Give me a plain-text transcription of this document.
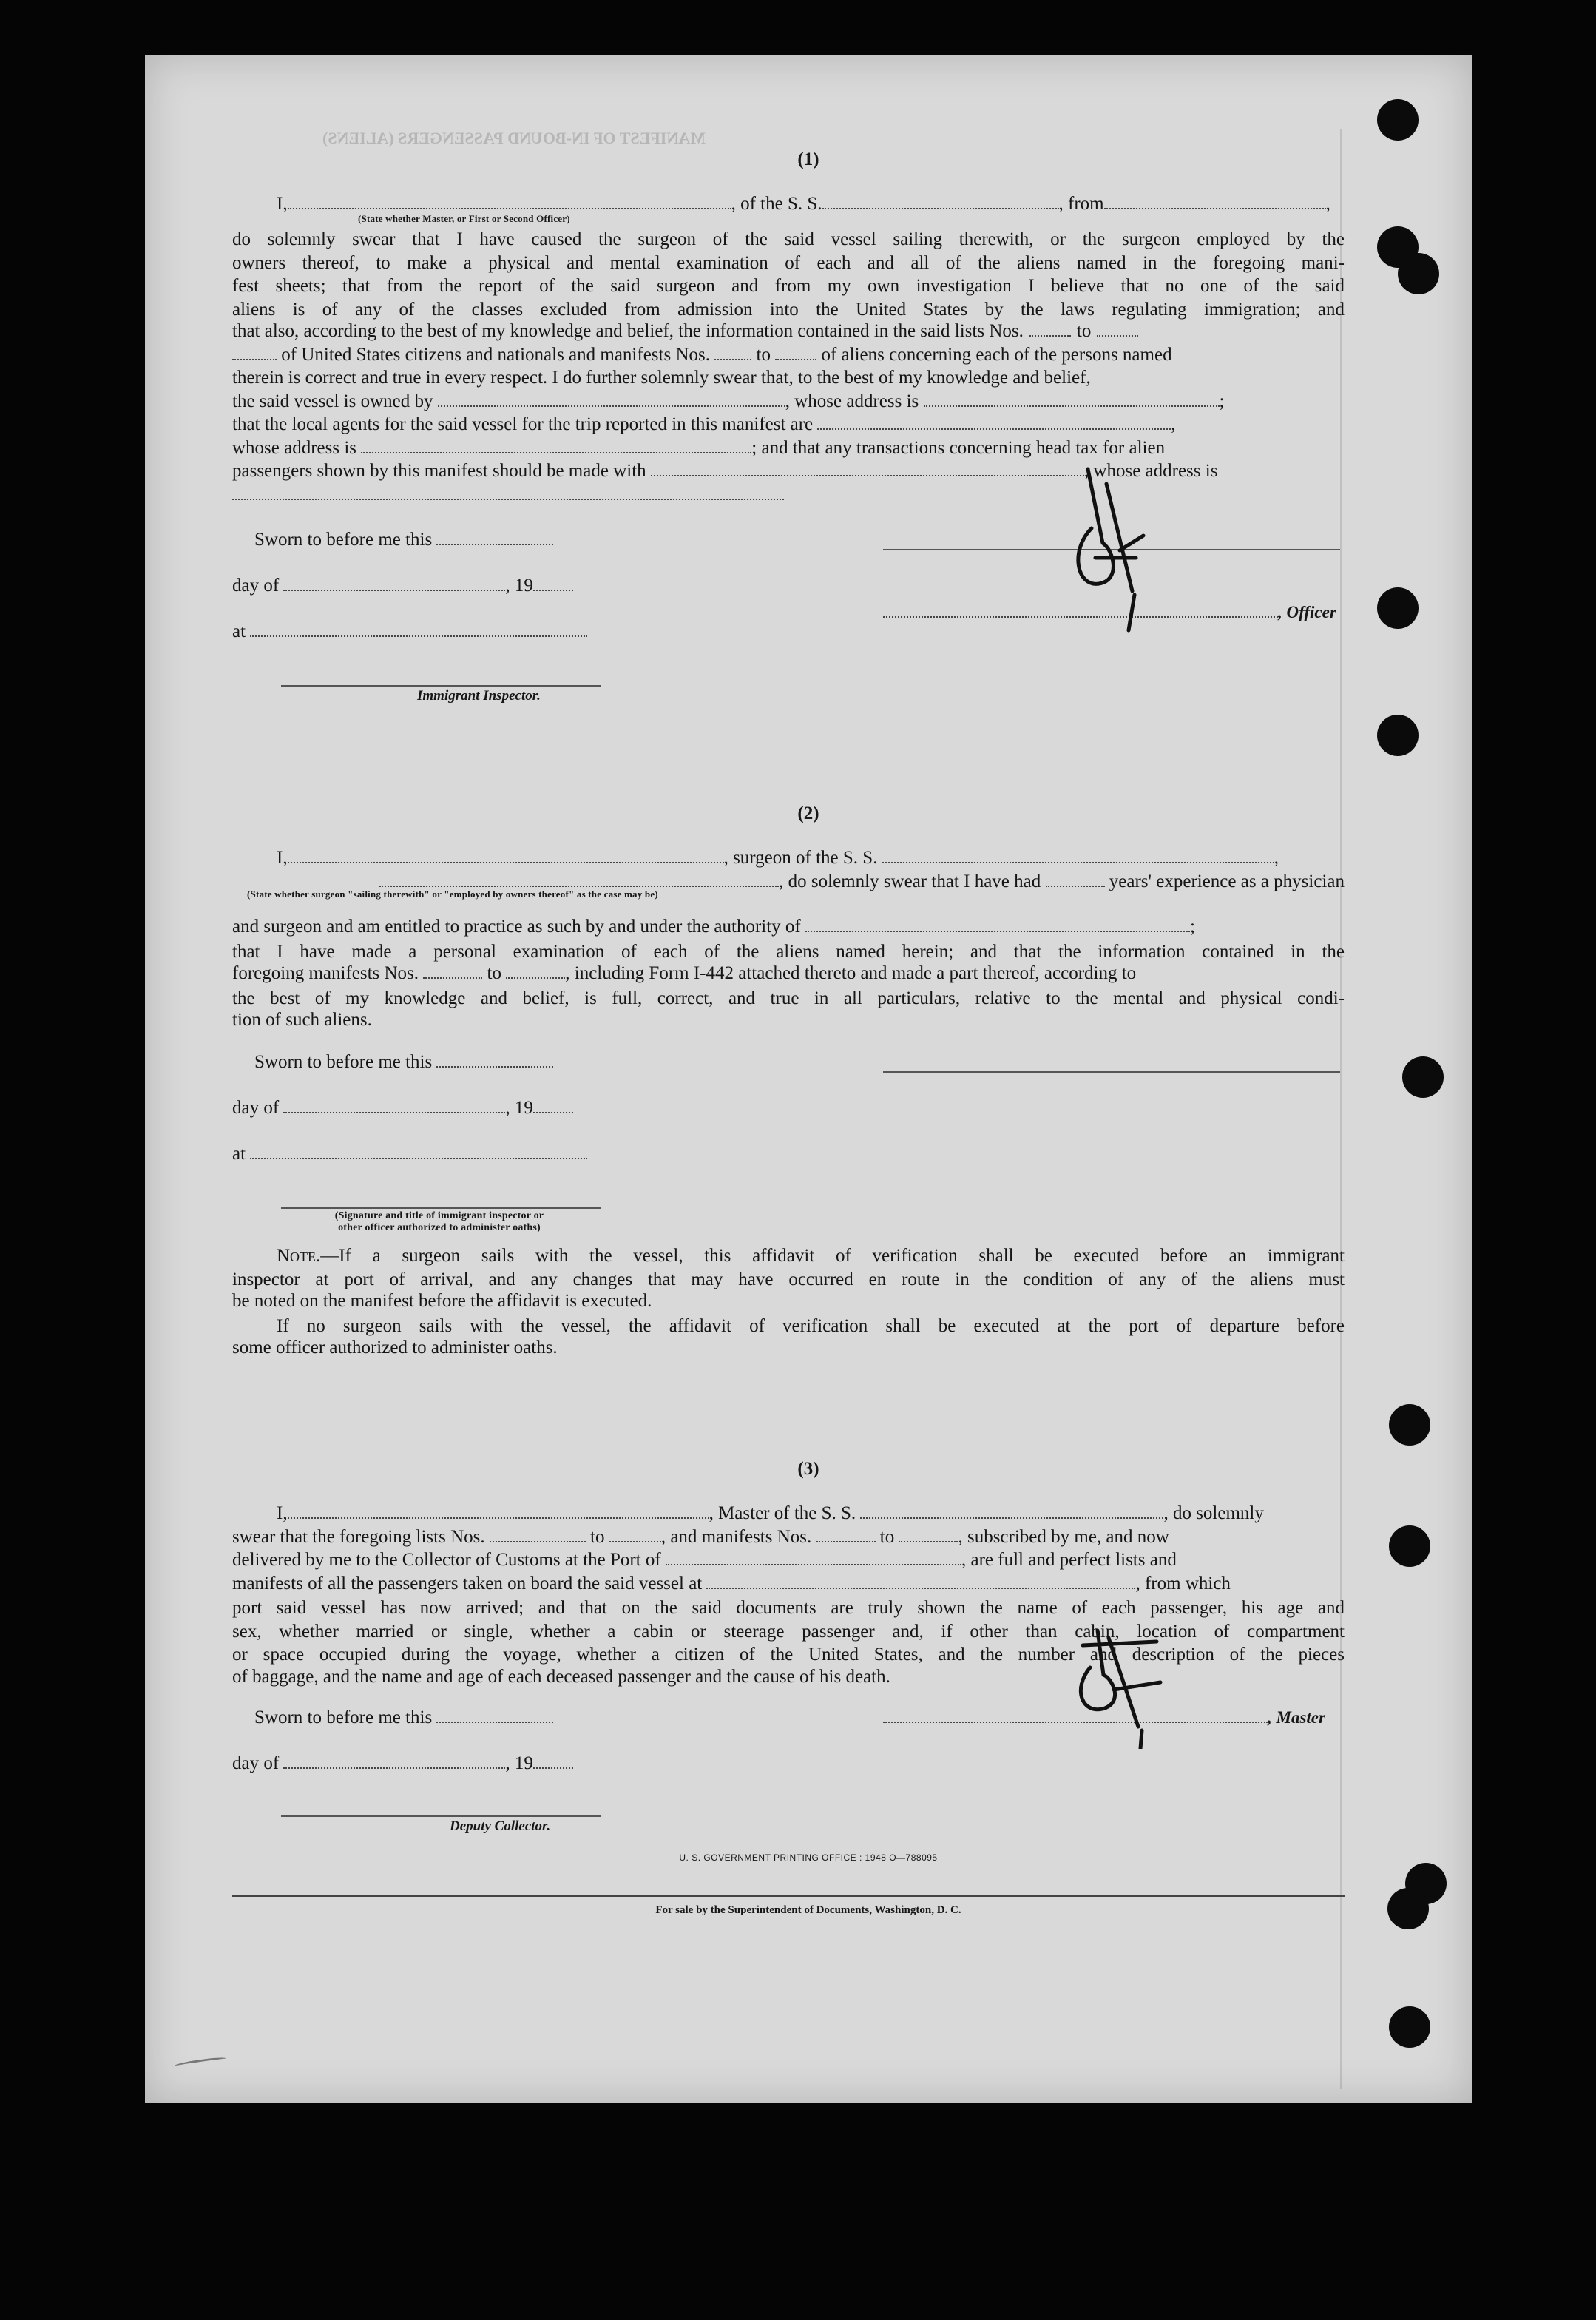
MANIFEST OF IN-BOUND PASSENGERS (ALIENS)
(1)
I,	, of the S. S.	, from	,
(State whether Master, or First or Second Officer)
do solemnly swear that I have caused the surgeon of the said vessel sailing therewith, or the surgeon employed by the
owners thereof, to make a physical and mental examination of each and all of the aliens named in the foregoing mani-
fest sheets; that from the report of the said surgeon and from my own investigation I believe that no one of the said
aliens is of any of the classes excluded from admission into the United States by the laws regulating immigration; and
that also, according to the best of my knowledge and belief, the information contained in the said lists Nos.	to
of United States citizens and nationals and manifests Nos.	to	of aliens concerning each of the persons named
therein is correct and true in every respect. I do further solemnly swear that, to the best of my knowledge and belief,
the said vessel is owned by	, whose address is	;
that the local agents for the said vessel for the trip reported in this manifest are	,
whose address is	; and that any transactions concerning head tax for alien
passengers shown by this manifest should be made with	, whose address is
Sworn to before me this
day of	, 19
at
Immigrant Inspector.
, Officer
(2)
I,	, surgeon of the S. S.	,
, do solemnly swear that I have had	years' experience as a physician
(State whether surgeon "sailing therewith" or "employed by owners thereof" as the case may be)
and surgeon and am entitled to practice as such by and under the authority of	;
that I have made a personal examination of each of the aliens named herein; and that the information contained in the
foregoing manifests Nos.	to	, including Form I-442 attached thereto and made a part thereof, according to
the best of my knowledge and belief, is full, correct, and true in all particulars, relative to the mental and physical condi-
tion of such aliens.
Sworn to before me this
day of	, 19
at
(Signature and title of immigrant inspector or
other officer authorized to administer oaths)
Note.—If a surgeon sails with the vessel, this affidavit of verification shall be executed before an immigrant
inspector at port of arrival, and any changes that may have occurred en route in the condition of any of the aliens must
be noted on the manifest before the affidavit is executed.
If no surgeon sails with the vessel, the affidavit of verification shall be executed at the port of departure before
some officer authorized to administer oaths.
(3)
I,	, Master of the S. S.	, do solemnly
swear that the foregoing lists Nos.	to	, and manifests Nos.	to	, subscribed by me, and now
delivered by me to the Collector of Customs at the Port of	, are full and perfect lists and
manifests of all the passengers taken on board the said vessel at	, from which
port said vessel has now arrived; and that on the said documents are truly shown the name of each passenger, his age and
sex, whether married or single, whether a cabin or steerage passenger and, if other than cabin, location of compartment
or space occupied during the voyage, whether a citizen of the United States, and the number and description of the pieces
of baggage, and the name and age of each deceased passenger and the cause of his death.
Sworn to before me this	, Master
day of	, 19
Deputy Collector.
U. S. GOVERNMENT PRINTING OFFICE : 1948 O—788095
For sale by the Superintendent of Documents, Washington, D. C.
